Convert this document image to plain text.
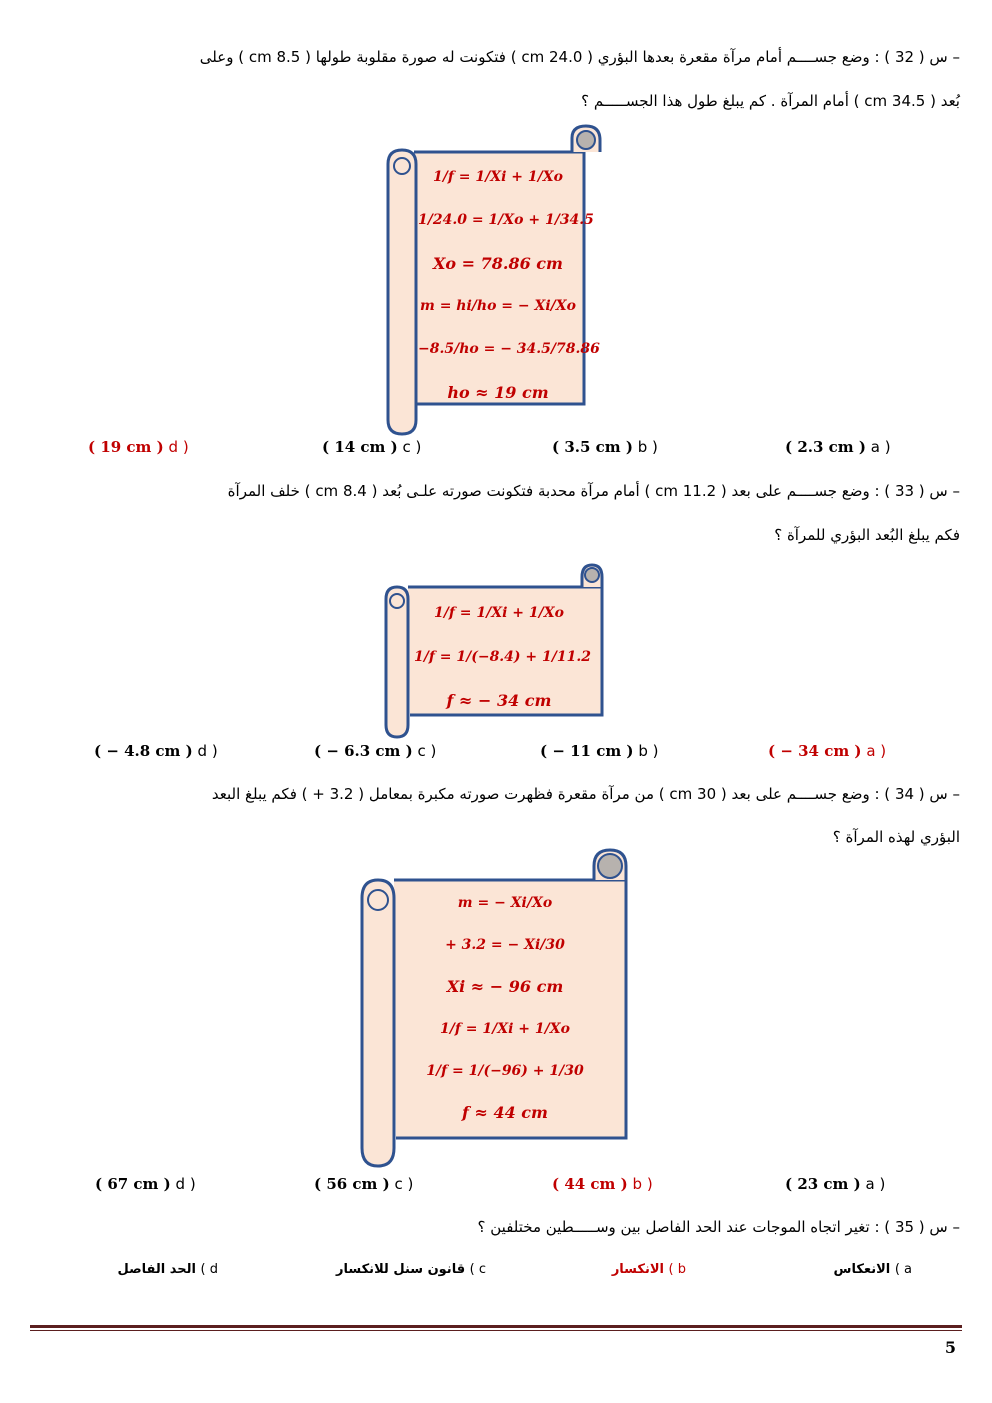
– س ( 32 ) : وضع جســــم أمام مرآة مقعرة بعدها البؤري ( 24.0 cm ) فتكونت له صورة مقلوبة طولها ( 8.5 cm ) وعلى
بُعد ( 34.5 cm ) أمام المرآة . كم يبلغ طول هذا الجســـــم ؟
1/f = 1/Xi + 1/Xo
1/24.0 = 1/Xo + 1/34.5
Xo = 78.86 cm
m = hi/ho = − Xi/Xo
−8.5/ho = − 34.5/78.86
ho ≈ 19 cm
( 2.3 cm ) a )
( 3.5 cm ) b )
( 14 cm ) c )
( 19 cm ) d )
– س ( 33 ) : وضع جســــم على بعد ( 11.2 cm ) أمام مرآة محدبة فتكونت صورته علـى بُعد ( 8.4 cm ) خلف المرآة
فكم يبلغ البُعد البؤري للمرآة ؟
1/f = 1/Xi + 1/Xo
1/f = 1/(−8.4) + 1/11.2
f ≈ − 34 cm
( − 34 cm ) a )
( − 11 cm ) b )
( − 6.3 cm ) c )
( − 4.8 cm ) d )
– س ( 34 ) : وضع جســــم على بعد ( 30 cm ) من مرآة مقعرة فظهرت صورته مكبرة بمعامل ( 3.2 + ) فكم يبلغ البعد
البؤري لهذه المرآة ؟
m = − Xi/Xo
+ 3.2 = − Xi/30
Xi ≈ − 96 cm
1/f = 1/Xi + 1/Xo
1/f = 1/(−96) + 1/30
f ≈ 44 cm
( 23 cm ) a )
( 44 cm ) b )
( 56 cm ) c )
( 67 cm ) d )
– س ( 35 ) : تغير اتجاه الموجات عند الحد الفاصل بين وســـــطين مختلفين ؟
a ) الانعكاس
b ) الانكسار
c ) قانون سنل للانكسار
d ) الحد الفاصل
5
